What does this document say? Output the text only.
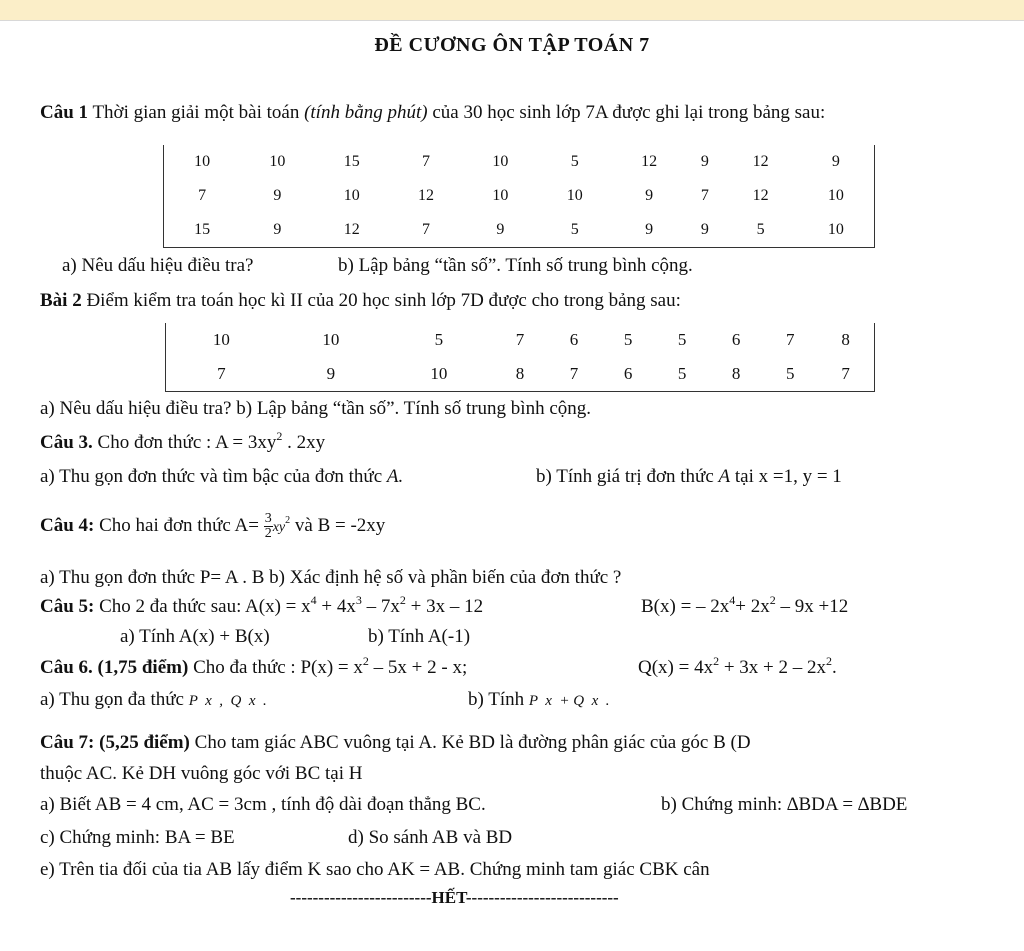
ĐỀ CƯƠNG ÔN TẬP TOÁN 7
Câu 1 Thời gian giải một bài toán (tính bằng phút) của 30 học sinh lớp 7A được ghi lại trong bảng sau:
10	10	15	7	10	5	12	9	12	9
7	9	10	12	10	10	9	7	12	10
15	9	12	7	9	5	9	9	5	10
a) Nêu dấu hiệu điều tra?	b) Lập bảng “tần số”. Tính số trung bình cộng.
Bài 2 Điểm kiểm tra toán học kì II của 20 học sinh lớp 7D được cho trong bảng sau:
10	10	5	7	6	5	5	6	7	8
7	9	10	8	7	6	5	8	5	7
a) Nêu dấu hiệu điều tra? b) Lập bảng “tần số”. Tính số trung bình cộng.
Câu 3. Cho đơn thức : $A = 3xy^2$ . 2xy
a) Thu gọn đơn thức và tìm bậc của đơn thức A.	b) Tính giá trị đơn thức A tại x =1, y = 1
Câu 4: Cho hai đơn thức $A= \frac{3}{2} xy^2$ và B = -2xy
a) Thu gọn đơn thức P= A . B b) Xác định hệ số và phần biến của đơn thức ?
Câu 5: Cho 2 đa thức sau: $A(x) = x^4 + 4x^3 - 7x^2 + 3x - 12$	B(x) = – $2x^4+ 2x^2 - 9x +12$
a) Tính A(x) + B(x)	b) Tính A(-1)
Câu 6. (1,75 điểm) Cho đa thức : $P(x) = x^2 - 5x + 2 - x$;	$Q(x) = 4x^2 + 3x + 2 - 2x^2$.
a) Thu gọn đa thức P  x  ,  Q  x  .	b) Tính P  x  + Q  x  .
Câu 7: (5,25 điểm) Cho tam giác ABC vuông tại A. Kẻ BD là đường phân giác của góc B (D
thuộc AC. Kẻ DH vuông góc với BC tại H
a) Biết AB = 4 cm, AC = 3cm , tính độ dài đoạn thẳng BC.	b) Chứng minh: ∆BDA = ∆BDE
c) Chứng minh: BA = BE	d) So sánh AB và BD
e) Trên tia đối của tia AB lấy điểm K sao cho AK = AB. Chứng minh tam giác CBK cân
-------------------------HẾT---------------------------
